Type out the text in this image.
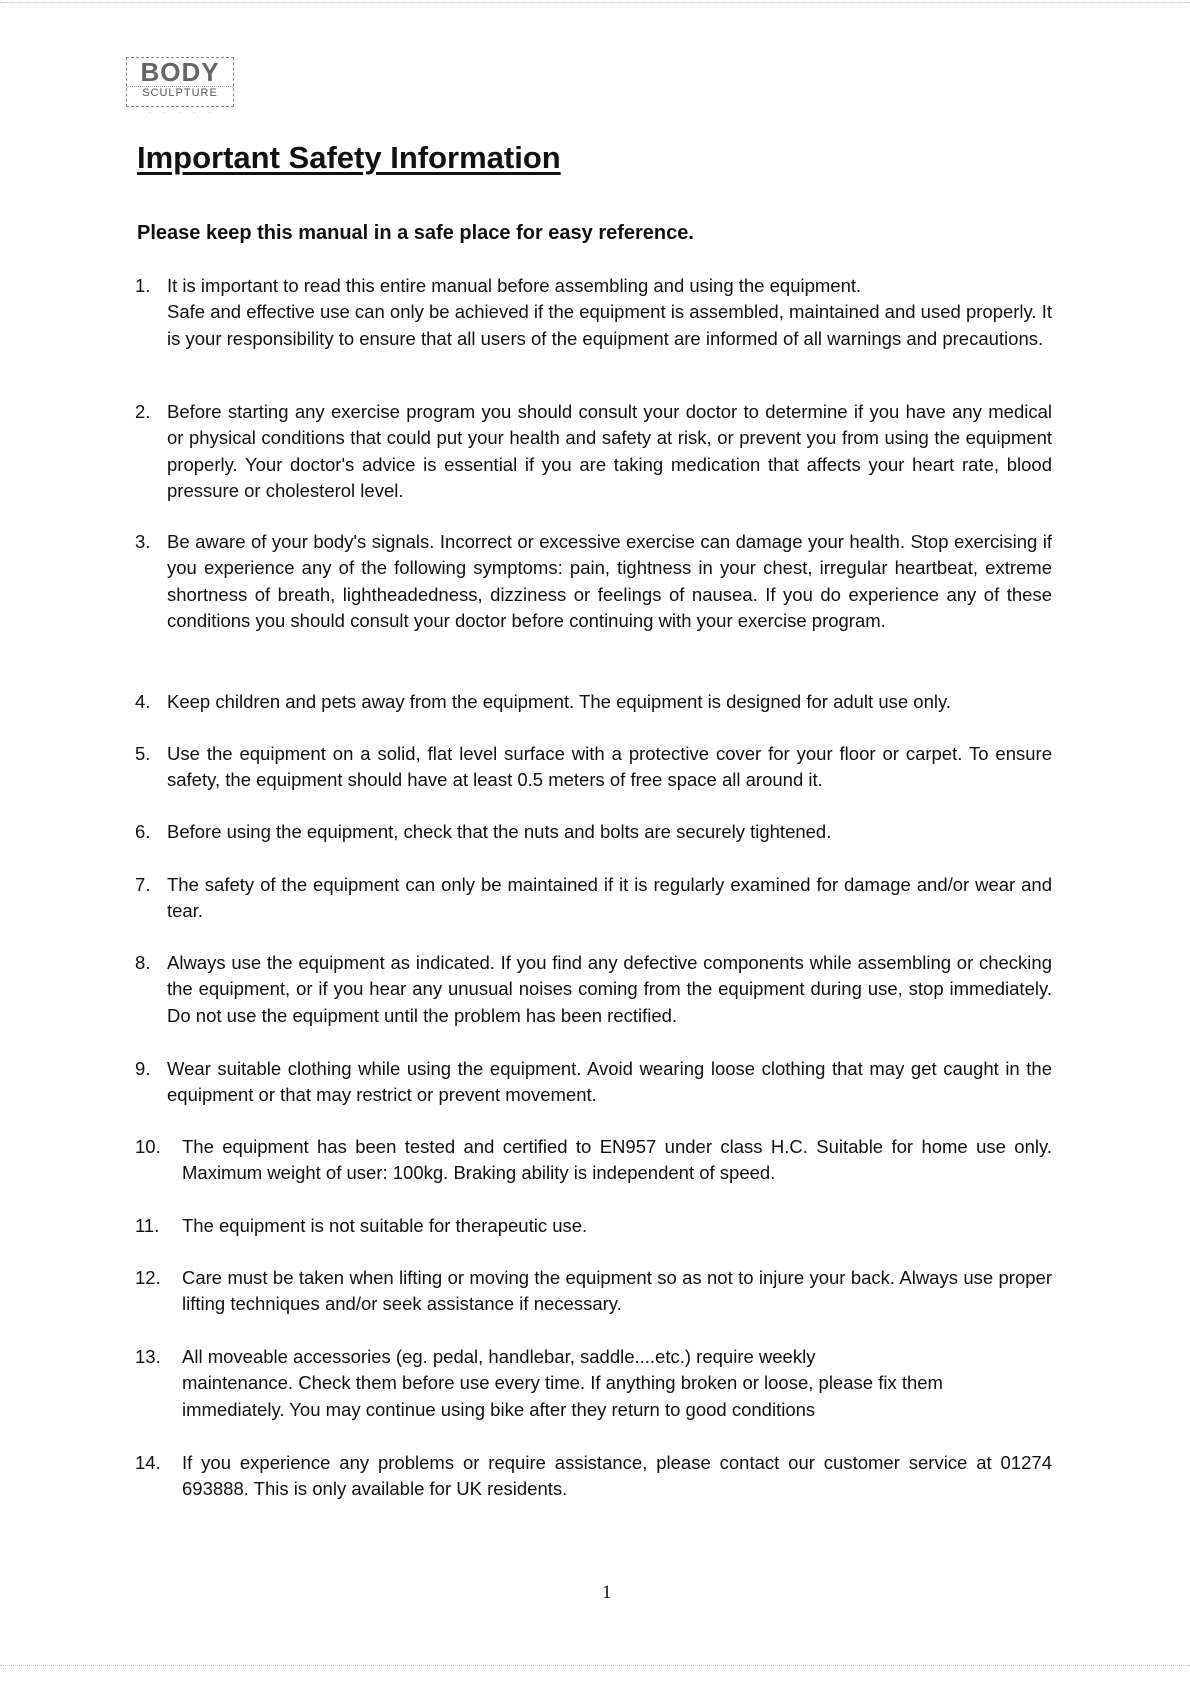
BODY
SCULPTURE
· · · · ·
Important Safety Information
Please keep this manual in a safe place for easy reference.
1. It is important to read this entire manual before assembling and using the equipment.

Safe and effective use can only be achieved if the equipment is assembled, maintained and used properly. It is your responsibility to ensure that all users of the equipment are informed of all warnings and precautions.

2. Before starting any exercise program you should consult your doctor to determine if you have any medical or physical conditions that could put your health and safety at risk, or prevent you from using the equipment properly. Your doctor's advice is essential if you are taking medication that affects your heart rate, blood pressure or cholesterol level.

3. Be aware of your body's signals. Incorrect or excessive exercise can damage your health. Stop exercising if you experience any of the following symptoms: pain, tightness in your chest, irregular heartbeat, extreme shortness of breath, lightheadedness, dizziness or feelings of nausea. If you do experience any of these conditions you should consult your doctor before continuing with your exercise program.

4. Keep children and pets away from the equipment. The equipment is designed for adult use only.

5. Use the equipment on a solid, flat level surface with a protective cover for your floor or carpet. To ensure safety, the equipment should have at least 0.5 meters of free space all around it.

6. Before using the equipment, check that the nuts and bolts are securely tightened.

7. The safety of the equipment can only be maintained if it is regularly examined for damage and/or wear and tear.

8. Always use the equipment as indicated. If you find any defective components while assembling or checking the equipment, or if you hear any unusual noises coming from the equipment during use, stop immediately. Do not use the equipment until the problem has been rectified.

9. Wear suitable clothing while using the equipment. Avoid wearing loose clothing that may get caught in the equipment or that may restrict or prevent movement.

10. The equipment has been tested and certified to EN957 under class H.C. Suitable for home use only. Maximum weight of user: 100kg. Braking ability is independent of speed.

11. The equipment is not suitable for therapeutic use.

12. Care must be taken when lifting or moving the equipment so as not to injure your back. Always use proper lifting techniques and/or seek assistance if necessary.

13. All moveable accessories (eg. pedal, handlebar, saddle....etc.) require weekly

maintenance. Check them before use every time. If anything broken or loose, please fix them

immediately. You may continue using bike after they return to good conditions

14. If you experience any problems or require assistance, please contact our customer service at 01274 693888. This is only available for UK residents.

1
